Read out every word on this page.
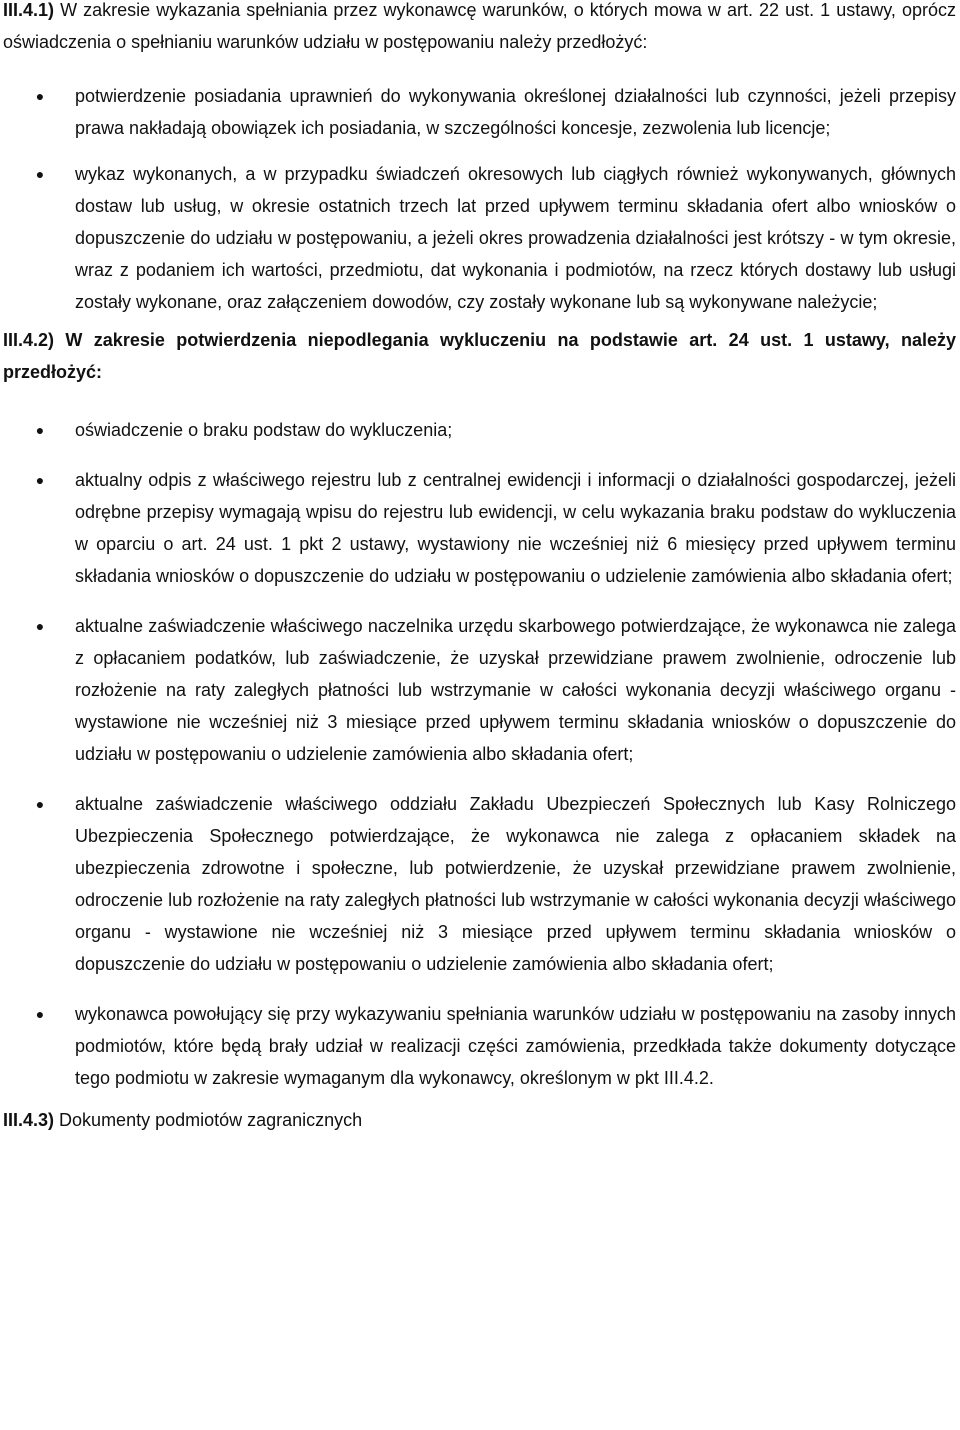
III.4.1) W zakresie wykazania spełniania przez wykonawcę warunków, o których mowa w art. 22 ust. 1 ustawy, oprócz oświadczenia o spełnianiu warunków udziału w postępowaniu należy przedłożyć:

●	potwierdzenie posiadania uprawnień do wykonywania określonej działalności lub czynności, jeżeli przepisy prawa nakładają obowiązek ich posiadania, w szczególności koncesje, zezwolenia lub licencje;
●	wykaz wykonanych, a w przypadku świadczeń okresowych lub ciągłych również wykonywanych, głównych dostaw lub usług, w okresie ostatnich trzech lat przed upływem terminu składania ofert albo wniosków o dopuszczenie do udziału w postępowaniu, a jeżeli okres prowadzenia działalności jest krótszy - w tym okresie, wraz z podaniem ich wartości, przedmiotu, dat wykonania i podmiotów, na rzecz których dostawy lub usługi zostały wykonane, oraz załączeniem dowodów, czy zostały wykonane lub są wykonywane należycie;

III.4.2) W zakresie potwierdzenia niepodlegania wykluczeniu na podstawie art. 24 ust. 1 ustawy, należy przedłożyć:

●	oświadczenie o braku podstaw do wykluczenia;
●	aktualny odpis z właściwego rejestru lub z centralnej ewidencji i informacji o działalności gospodarczej, jeżeli odrębne przepisy wymagają wpisu do rejestru lub ewidencji, w celu wykazania braku podstaw do wykluczenia w oparciu o art. 24 ust. 1 pkt 2 ustawy, wystawiony nie wcześniej niż 6 miesięcy przed upływem terminu składania wniosków o dopuszczenie do udziału w postępowaniu o udzielenie zamówienia albo składania ofert;
●	aktualne zaświadczenie właściwego naczelnika urzędu skarbowego potwierdzające, że wykonawca nie zalega z opłacaniem podatków, lub zaświadczenie, że uzyskał przewidziane prawem zwolnienie, odroczenie lub rozłożenie na raty zaległych płatności lub wstrzymanie w całości wykonania decyzji właściwego organu - wystawione nie wcześniej niż 3 miesiące przed upływem terminu składania wniosków o dopuszczenie do udziału w postępowaniu o udzielenie zamówienia albo składania ofert;
●	aktualne zaświadczenie właściwego oddziału Zakładu Ubezpieczeń Społecznych lub Kasy Rolniczego Ubezpieczenia Społecznego potwierdzające, że wykonawca nie zalega z opłacaniem składek na ubezpieczenia zdrowotne i społeczne, lub potwierdzenie, że uzyskał przewidziane prawem zwolnienie, odroczenie lub rozłożenie na raty zaległych płatności lub wstrzymanie w całości wykonania decyzji właściwego organu - wystawione nie wcześniej niż 3 miesiące przed upływem terminu składania wniosków o dopuszczenie do udziału w postępowaniu o udzielenie zamówienia albo składania ofert;
●	wykonawca powołujący się przy wykazywaniu spełniania warunków udziału w postępowaniu na zasoby innych podmiotów, które będą brały udział w realizacji części zamówienia, przedkłada także dokumenty dotyczące tego podmiotu w zakresie wymaganym dla wykonawcy, określonym w pkt III.4.2.

III.4.3) Dokumenty podmiotów zagranicznych
